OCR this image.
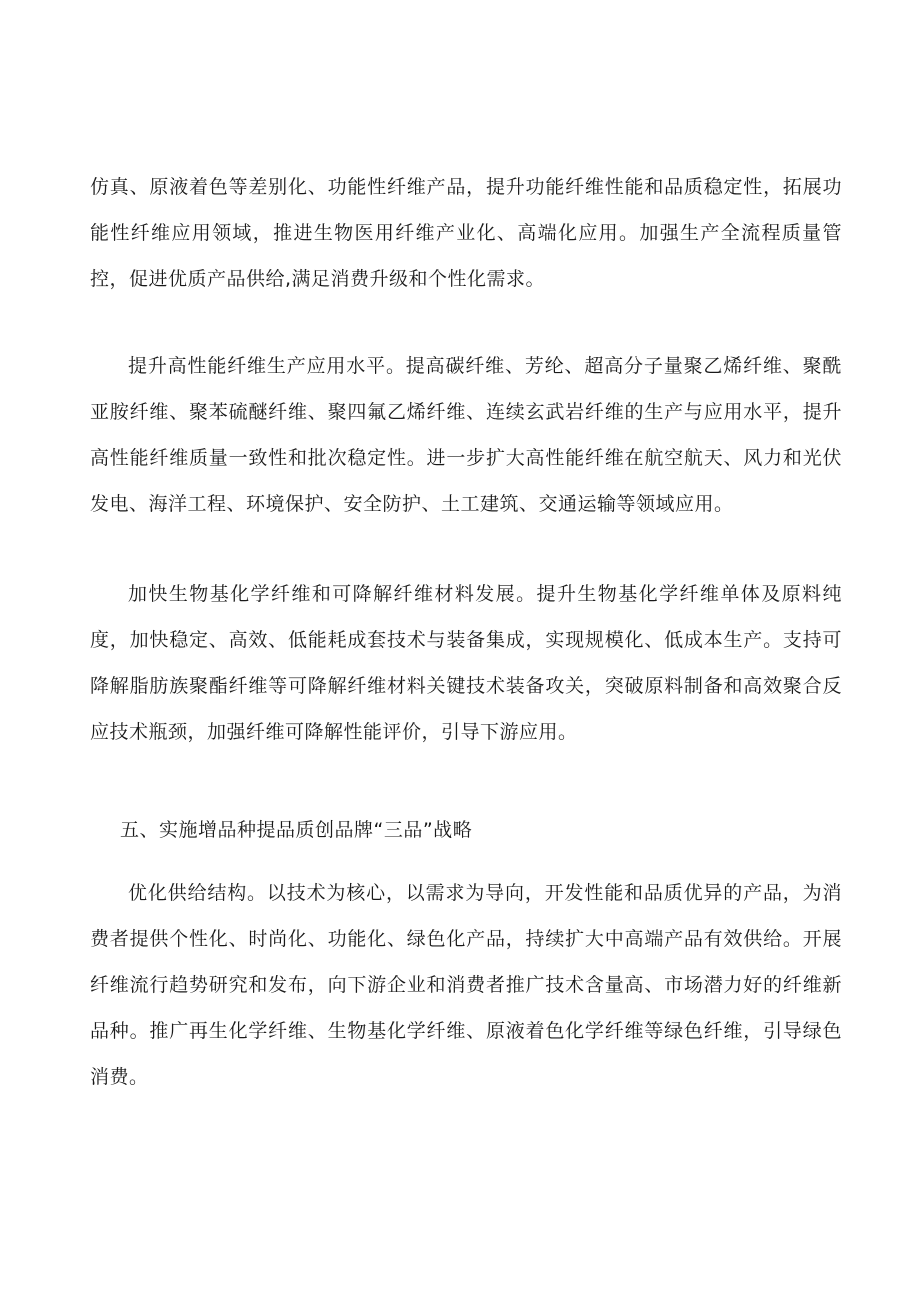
仿真、原液着色等差别化、功能性纤维产品，提升功能纤维性能和品质稳定性，拓展功能性纤维应用领域，推进生物医用纤维产业化、高端化应用。加强生产全流程质量管控，促进优质产品供给,满足消费升级和个性化需求。

提升高性能纤维生产应用水平。提高碳纤维、芳纶、超高分子量聚乙烯纤维、聚酰亚胺纤维、聚苯硫醚纤维、聚四氟乙烯纤维、连续玄武岩纤维的生产与应用水平，提升高性能纤维质量一致性和批次稳定性。进一步扩大高性能纤维在航空航天、风力和光伏发电、海洋工程、环境保护、安全防护、土工建筑、交通运输等领域应用。

加快生物基化学纤维和可降解纤维材料发展。提升生物基化学纤维单体及原料纯度，加快稳定、高效、低能耗成套技术与装备集成，实现规模化、低成本生产。支持可降解脂肪族聚酯纤维等可降解纤维材料关键技术装备攻关，突破原料制备和高效聚合反应技术瓶颈，加强纤维可降解性能评价，引导下游应用。

五、实施增品种提品质创品牌“三品”战略

优化供给结构。以技术为核心，以需求为导向，开发性能和品质优异的产品，为消费者提供个性化、时尚化、功能化、绿色化产品，持续扩大中高端产品有效供给。开展纤维流行趋势研究和发布，向下游企业和消费者推广技术含量高、市场潜力好的纤维新品种。推广再生化学纤维、生物基化学纤维、原液着色化学纤维等绿色纤维，引导绿色消费。
